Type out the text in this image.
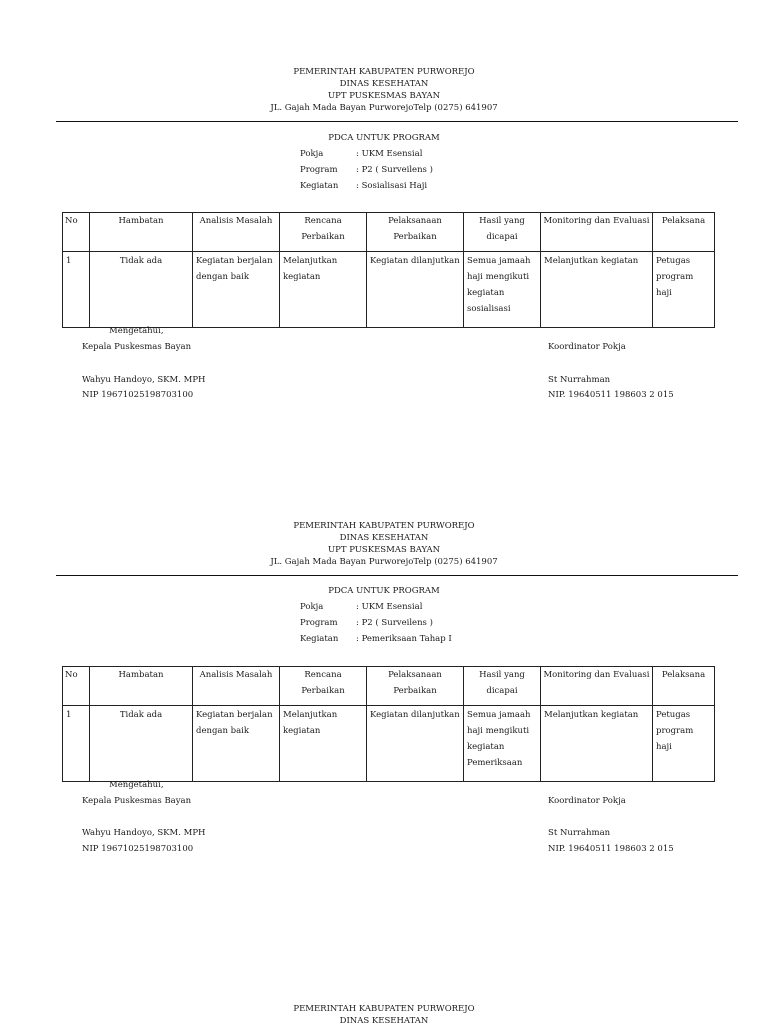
PEMERINTAH KABUPATEN PURWOREJO
DINAS KESEHATAN
UPT PUSKESMAS BAYAN
JL. Gajah Mada Bayan PurworejoTelp (0275) 641907
PDCA UNTUK PROGRAM
Pokja	: UKM Esensial
Program : P2 ( Surveilens )
Kegiatan : Sosialisasi Haji
No	Hambatan	Analisis Masalah	Rencana Perbaikan	Pelaksanaan Perbaikan	Hasil yang dicapai	Monitoring dan Evaluasi	Pelaksana
1	Tidak ada	Kegiatan berjalan dengan baik	Melanjutkan kegiatan	Kegiatan dilanjutkan	Semua jamaah haji mengikuti kegiatan sosialisasi	Melanjutkan kegiatan	Petugas program haji
Mengetahui,
Kepala Puskesmas Bayan
Wahyu Handoyo, SKM. MPH
NIP 19671025198703100
Koordinator Pokja
St Nurrahman
NIP. 19640511 198603 2 015
PEMERINTAH KABUPATEN PURWOREJO
DINAS KESEHATAN
UPT PUSKESMAS BAYAN
JL. Gajah Mada Bayan PurworejoTelp (0275) 641907
PDCA UNTUK PROGRAM
Pokja	: UKM Esensial
Program : P2 ( Surveilens )
Kegiatan : Pemeriksaan Tahap I
No	Hambatan	Analisis Masalah	Rencana Perbaikan	Pelaksanaan Perbaikan	Hasil yang dicapai	Monitoring dan Evaluasi	Pelaksana
1	Tidak ada	Kegiatan berjalan dengan baik	Melanjutkan kegiatan	Kegiatan dilanjutkan	Semua jamaah haji mengikuti kegiatan Pemeriksaan	Melanjutkan kegiatan	Petugas program haji
Mengetahui,
Kepala Puskesmas Bayan
Wahyu Handoyo, SKM. MPH
NIP 19671025198703100
Koordinator Pokja
St Nurrahman
NIP. 19640511 198603 2 015
PEMERINTAH KABUPATEN PURWOREJO
DINAS KESEHATAN
